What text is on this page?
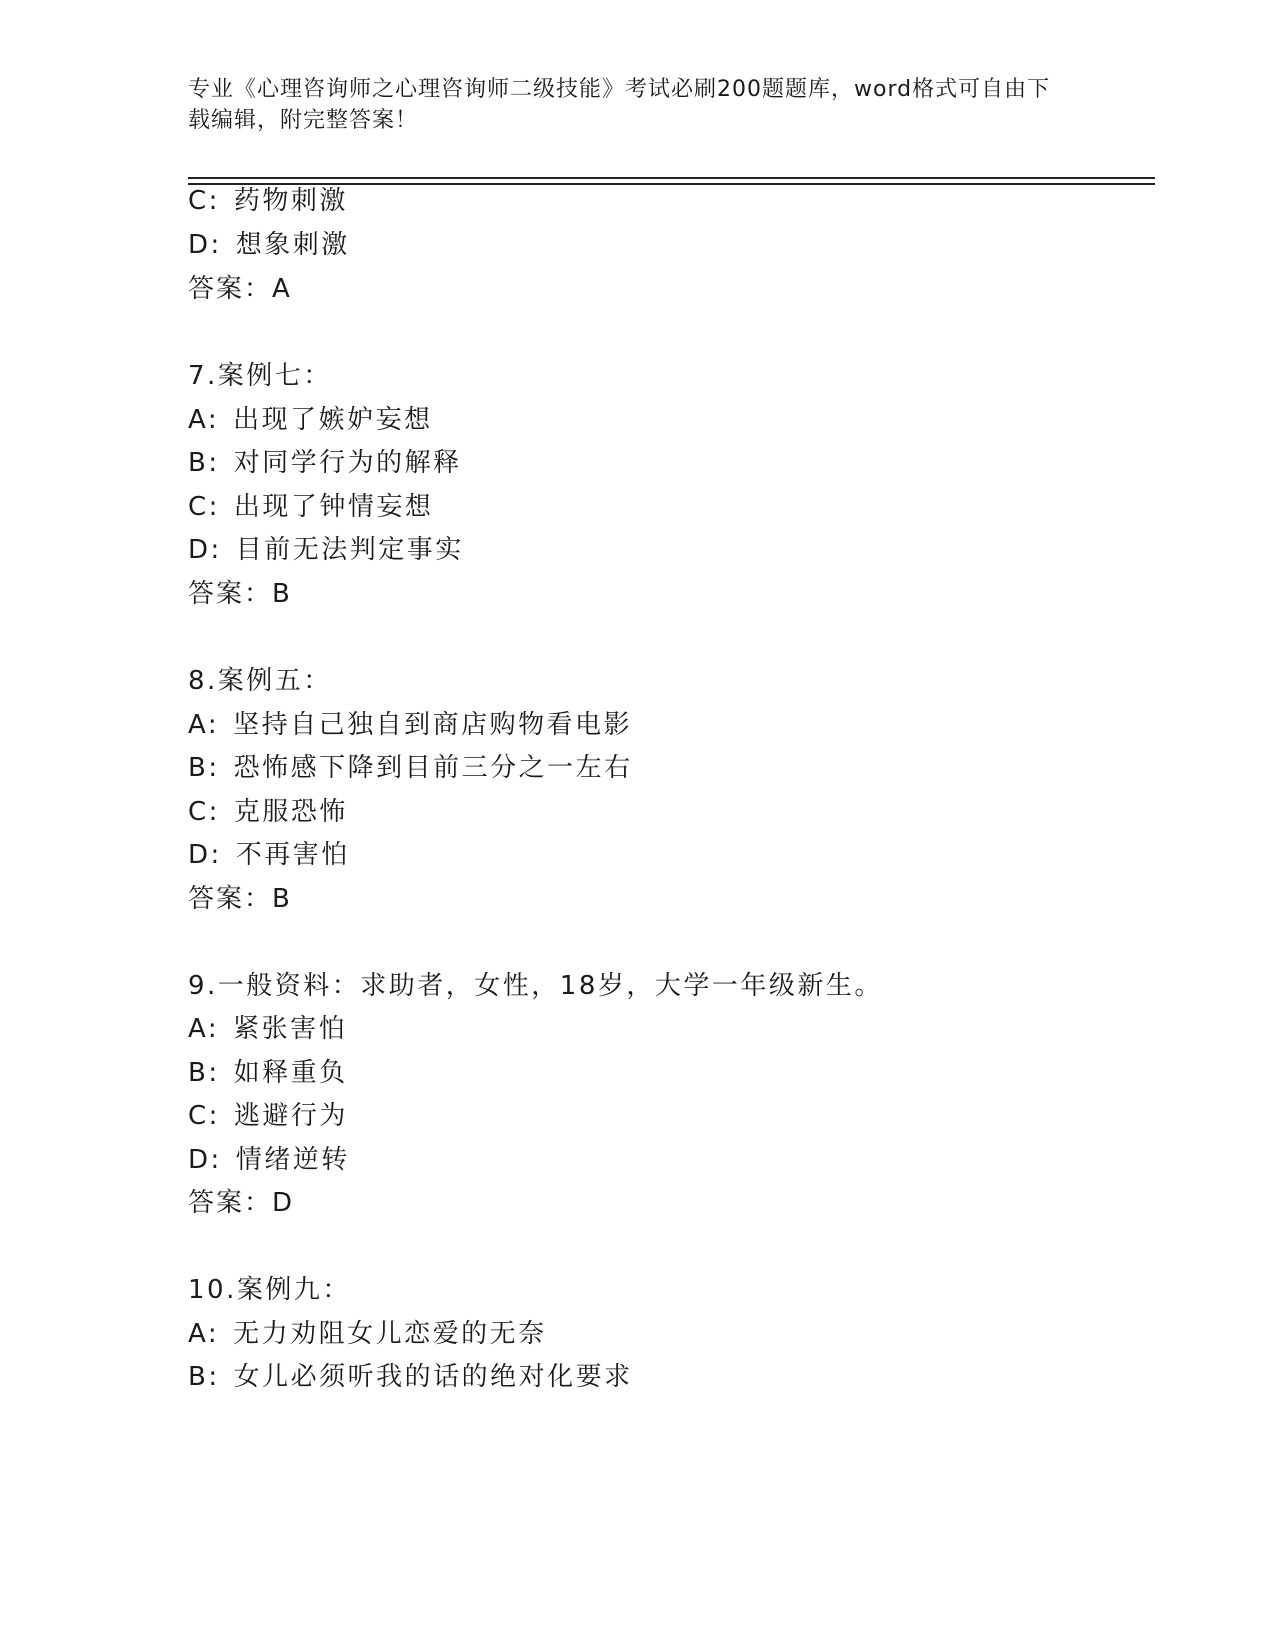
专业《心理咨询师之心理咨询师二级技能》考试必刷200题题库，word格式可自由下载编辑，附完整答案！
C: 药物刺激
D: 想象刺激
答案：A
7.案例七：
A: 出现了嫉妒妄想
B: 对同学行为的解释
C: 出现了钟情妄想
D: 目前无法判定事实
答案：B
8.案例五：
A: 坚持自己独自到商店购物看电影
B: 恐怖感下降到目前三分之一左右
C: 克服恐怖
D: 不再害怕
答案：B
9.一般资料：求助者，女性，18岁，大学一年级新生。
A: 紧张害怕
B: 如释重负
C: 逃避行为
D: 情绪逆转
答案：D
10.案例九：
A: 无力劝阻女儿恋爱的无奈
B: 女儿必须听我的话的绝对化要求
